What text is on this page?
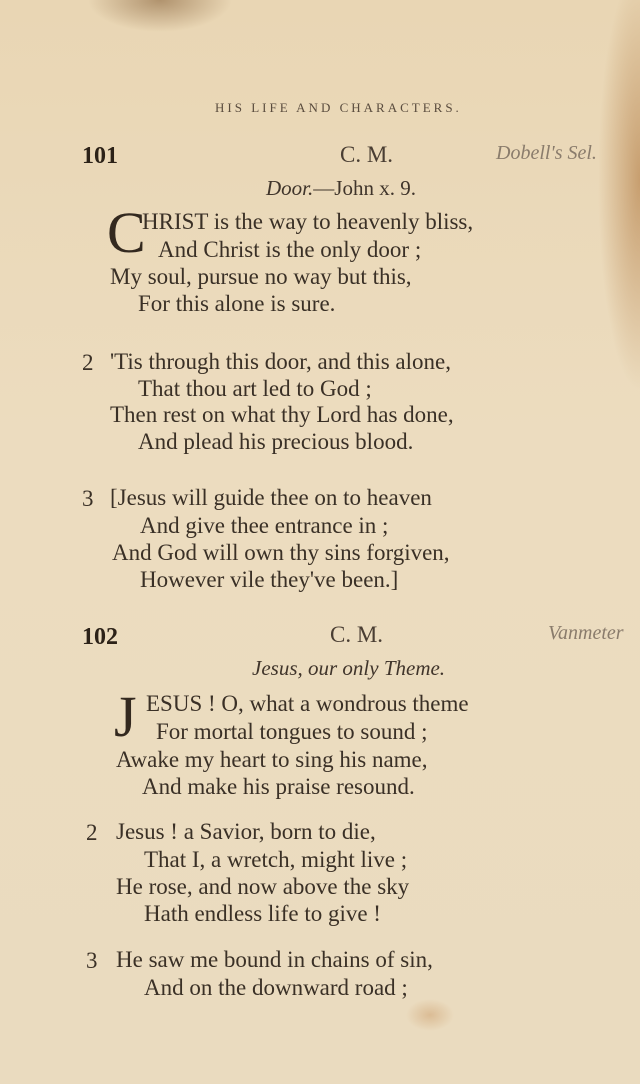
HIS LIFE AND CHARACTERS.
101	C. M.	Dobell's Sel.
Door.—John x. 9.
C
HRIST is the way to heavenly bliss,
And Christ is the only door ;
My soul, pursue no way but this,
For this alone is sure.
2 'Tis through this door, and this alone,
That thou art led to God ;
Then rest on what thy Lord has done,
And plead his precious blood.
3 [Jesus will guide thee on to heaven
And give thee entrance in ;
And God will own thy sins forgiven,
However vile they've been.]
102	C. M.	Vanmeter
Jesus, our only Theme.
J ESUS ! O, what a wondrous theme
For mortal tongues to sound ;
Awake my heart to sing his name,
And make his praise resound.
2 Jesus ! a Savior, born to die,
That I, a wretch, might live ;
He rose, and now above the sky
Hath endless life to give !
3 He saw me bound in chains of sin,
And on the downward road ;
